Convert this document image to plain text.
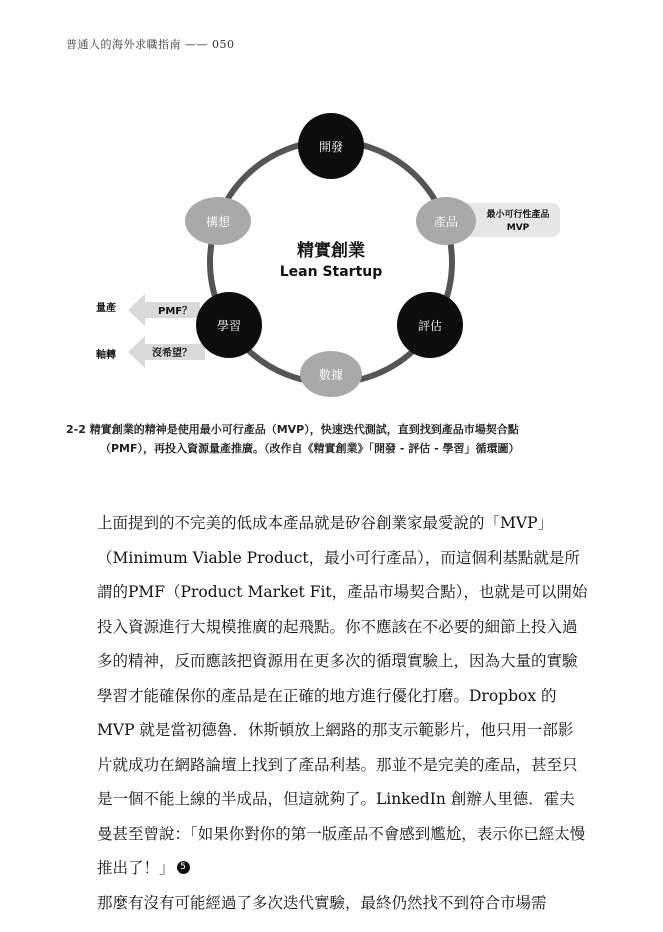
普通人的海外求職指南 —— 050
精實創業
Lean Startup
最小可行性產品
MVP
PMF？
沒希望？
量產
軸轉
開發
構想	產品
學習	評估
數據
2-2 精實創業的精神是使用最小可行產品（MVP），快速迭代測試，直到找到產品市場契合點
（PMF），再投入資源量產推廣。（改作自《精實創業》「開發 - 評估 - 學習」循環圖）

上面提到的不完美的低成本產品就是矽谷創業家最愛說的「MVP」（Minimum Viable Product，最小可行產品），而這個利基點就是所謂的PMF（Product Market Fit，產品市場契合點），也就是可以開始投入資源進行大規模推廣的起飛點。你不應該在不必要的細節上投入過多的精神，反而應該把資源用在更多次的循環實驗上，因為大量的實驗學習才能確保你的產品是在正確的地方進行優化打磨。Dropbox 的 MVP 就是當初德魯．休斯頓放上網路的那支示範影片，他只用一部影片就成功在網路論壇上找到了產品利基。那並不是完美的產品，甚至只是一個不能上線的半成品，但這就夠了。LinkedIn 創辦人里德．霍夫曼甚至曾說：「如果你對你的第一版產品不會感到尷尬，表示你已經太慢推出了！」 5

那麼有沒有可能經過了多次迭代實驗，最終仍然找不到符合市場需
